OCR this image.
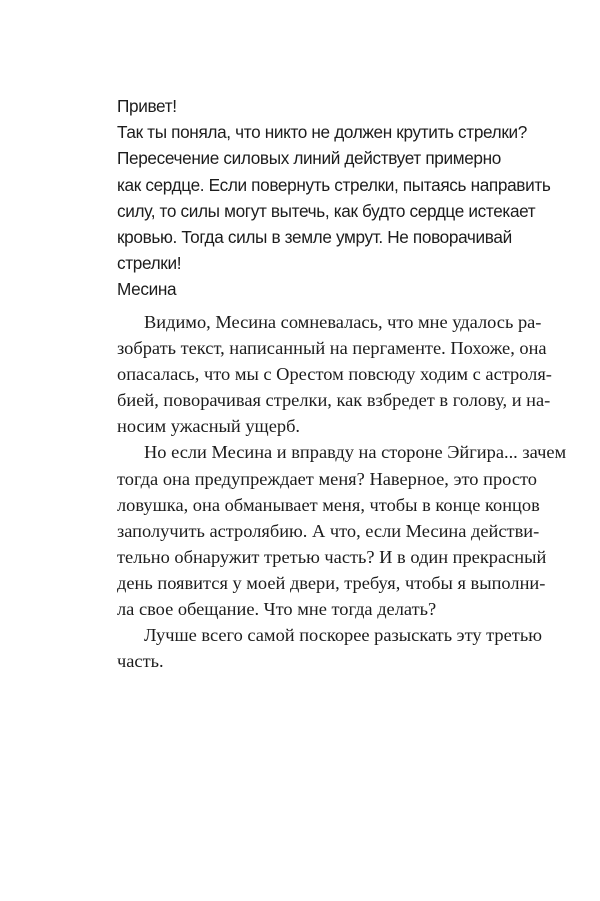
Привет!
Так ты поняла, что никто не должен крутить стрелки?
Пересечение силовых линий действует примерно
как сердце. Если повернуть стрелки, пытаясь направить
силу, то силы могут вытечь, как будто сердце истекает
кровью. Тогда силы в земле умрут. Не поворачивай
стрелки!
Месина
Видимо, Месина сомневалась, что мне удалось ра-
зобрать текст, написанный на пергаменте. Похоже, она
опасалась, что мы с Орестом повсюду ходим с астроля-
бией, поворачивая стрелки, как взбредет в голову, и на-
носим ужасный ущерб.
Но если Месина и вправду на стороне Эйгира... зачем
тогда она предупреждает меня? Наверное, это просто
ловушка, она обманывает меня, чтобы в конце концов
заполучить астролябию. А что, если Месина действи-
тельно обнаружит третью часть? И в один прекрасный
день появится у моей двери, требуя, чтобы я выполни-
ла свое обещание. Что мне тогда делать?
Лучше всего самой поскорее разыскать эту третью
часть.
